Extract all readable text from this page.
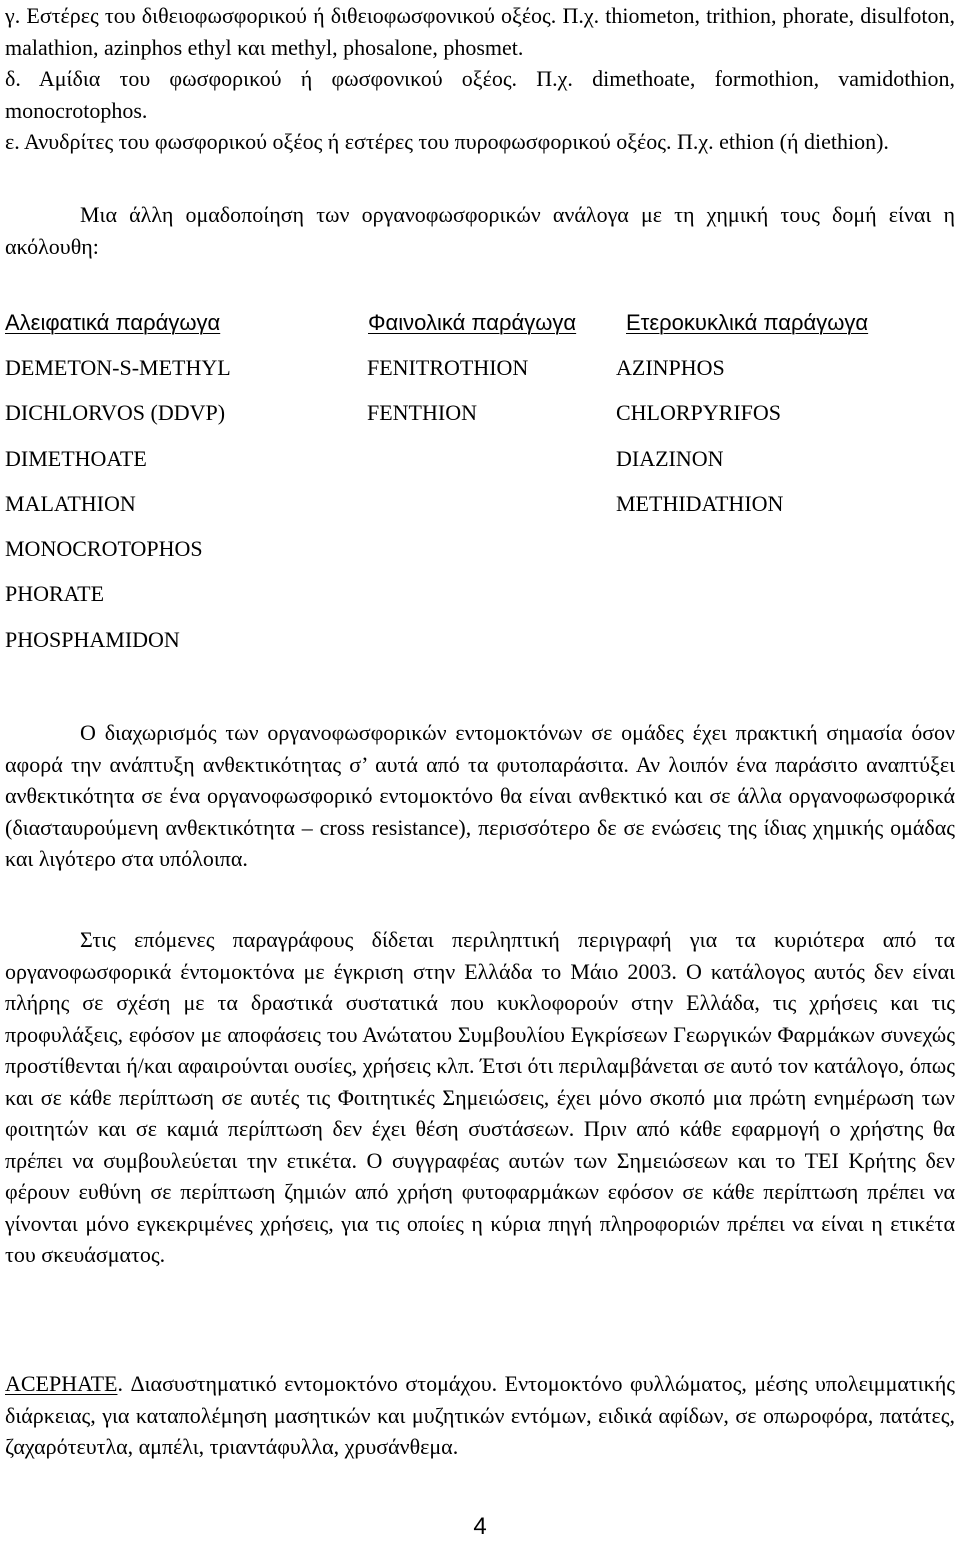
γ. Εστέρες του διθειοφωσφορικού ή διθειοφωσφονικού οξέος. Π.χ. thiometon, trithion, phorate, disulfoton, malathion, azinphos ethyl και methyl, phosalone, phosmet.

δ. Αμίδια του φωσφορικού ή φωσφονικού οξέος. Π.χ. dimethoate, formothion, vamidothion, monocrotophos.

ε. Ανυδρίτες του φωσφορικού οξέος ή εστέρες του πυροφωσφορικού οξέος. Π.χ. ethion (ή diethion).

Μια άλλη ομαδοποίηση των οργανοφωσφορικών ανάλογα με τη χημική τους δομή είναι η ακόλουθη:

Αλειφατικά παράγωγα	Φαινολικά παράγωγα Ετεροκυκλικά παράγωγα
DEMETON-S-METHYL
DICHLORVOS (DDVP)
DIMETHOATE
MALATHION
MONOCROTOPHOS
PHORATE
PHOSPHAMIDON
FENITROTHION
FENTHION
AZINPHOS
CHLORPYRIFOS
DIAZINON
METHIDATHION

Ο διαχωρισμός των οργανοφωσφορικών εντομοκτόνων σε ομάδες έχει πρακτική σημασία όσον αφορά την ανάπτυξη ανθεκτικότητας σ’ αυτά από τα φυτοπαράσιτα. Αν λοιπόν ένα παράσιτο αναπτύξει ανθεκτικότητα σε ένα οργανοφωσφορικό εντομοκτόνο θα είναι ανθεκτικό και σε άλλα οργανοφωσφορικά (διασταυρούμενη ανθεκτικότητα – cross resistance), περισσότερο δε σε ενώσεις της ίδιας χημικής ομάδας και λιγότερο στα υπόλοιπα.

Στις επόμενες παραγράφους δίδεται περιληπτική περιγραφή για τα κυριότερα από τα οργανοφωσφορικά έντομοκτόνα με έγκριση στην Ελλάδα το Μάιο 2003. Ο κατάλογος αυτός δεν είναι πλήρης σε σχέση με τα δραστικά συστατικά που κυκλοφορούν στην Ελλάδα, τις χρήσεις και τις προφυλάξεις, εφόσον με αποφάσεις του Ανώτατου Συμβουλίου Εγκρίσεων Γεωργικών Φαρμάκων συνεχώς προστίθενται ή/και αφαιρούνται ουσίες, χρήσεις κλπ. Έτσι ότι περιλαμβάνεται σε αυτό τον κατάλογο, όπως και σε κάθε περίπτωση σε αυτές τις Φοιτητικές Σημειώσεις, έχει μόνο σκοπό μια πρώτη ενημέρωση των φοιτητών και σε καμιά περίπτωση δεν έχει θέση συστάσεων. Πριν από κάθε εφαρμογή ο χρήστης θα πρέπει να συμβουλεύεται την ετικέτα. Ο συγγραφέας αυτών των Σημειώσεων και το ΤΕΙ Κρήτης δεν φέρουν ευθύνη σε περίπτωση ζημιών από χρήση φυτοφαρμάκων εφόσον σε κάθε περίπτωση πρέπει να γίνονται μόνο εγκεκριμένες χρήσεις, για τις οποίες η κύρια πηγή πληροφοριών πρέπει να είναι η ετικέτα του σκευάσματος.

ACEPHATE. Διασυστηματικό εντομοκτόνο στομάχου. Εντομοκτόνο φυλλώματος, μέσης υπολειμματικής διάρκειας, για καταπολέμηση μασητικών και μυζητικών εντόμων, ειδικά αφίδων, σε οπωροφόρα, πατάτες, ζαχαρότευτλα, αμπέλι, τριαντάφυλλα, χρυσάνθεμα.

4
